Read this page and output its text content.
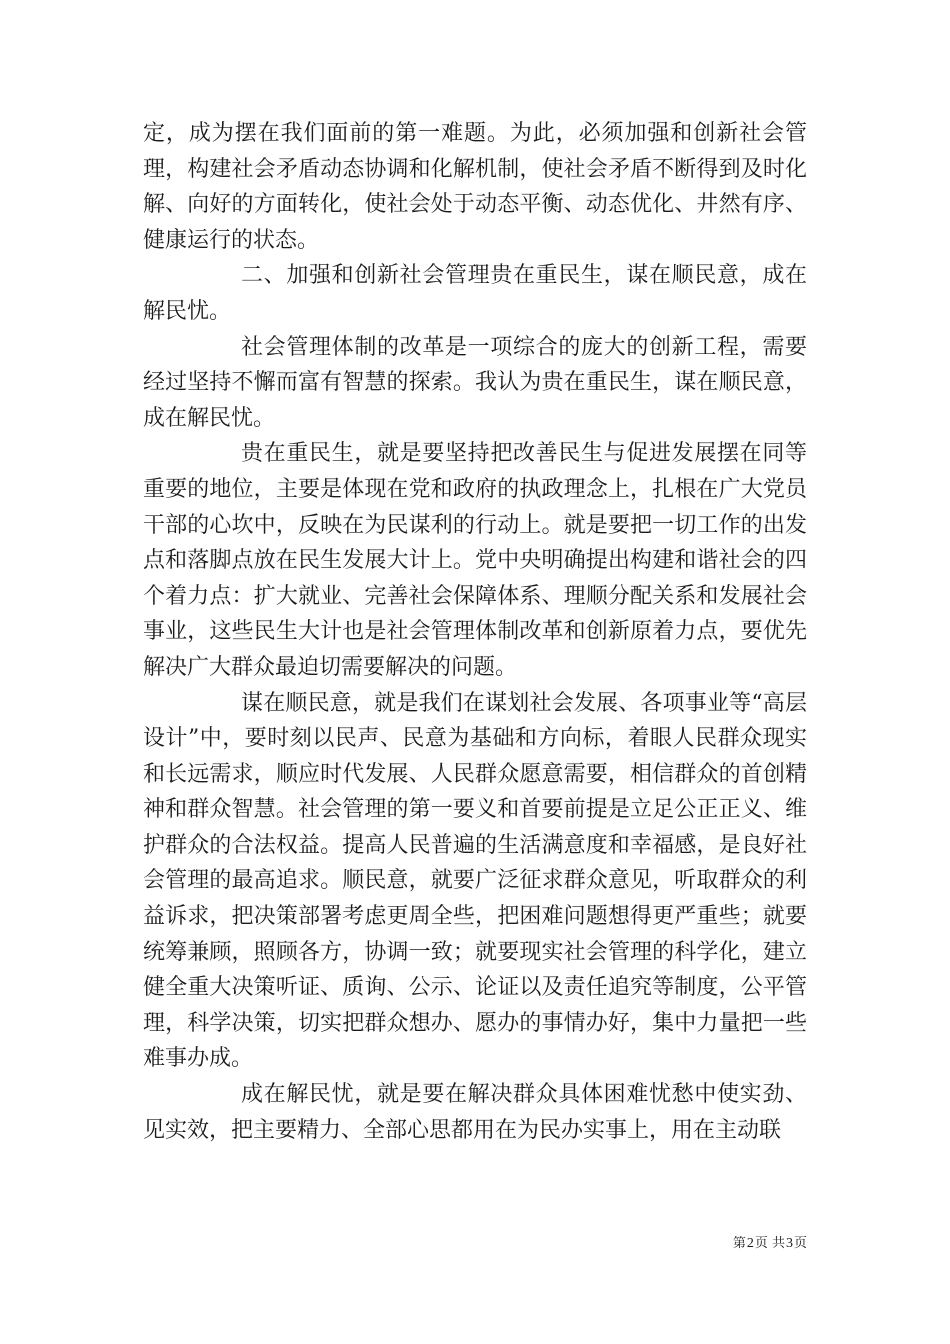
定，成为摆在我们面前的第一难题。为此，必须加强和创新社会管理，构建社会矛盾动态协调和化解机制，使社会矛盾不断得到及时化解、向好的方面转化，使社会处于动态平衡、动态优化、井然有序、健康运行的状态。

二、加强和创新社会管理贵在重民生，谋在顺民意，成在解民忧。

社会管理体制的改革是一项综合的庞大的创新工程，需要经过坚持不懈而富有智慧的探索。我认为贵在重民生，谋在顺民意，成在解民忧。

贵在重民生，就是要坚持把改善民生与促进发展摆在同等重要的地位，主要是体现在党和政府的执政理念上，扎根在广大党员干部的心坎中，反映在为民谋利的行动上。就是要把一切工作的出发点和落脚点放在民生发展大计上。党中央明确提出构建和谐社会的四个着力点：扩大就业、完善社会保障体系、理顺分配关系和发展社会事业，这些民生大计也是社会管理体制改革和创新原着力点，要优先解决广大群众最迫切需要解决的问题。

谋在顺民意，就是我们在谋划社会发展、各项事业等“高层设计”中，要时刻以民声、民意为基础和方向标，着眼人民群众现实和长远需求，顺应时代发展、人民群众愿意需要，相信群众的首创精神和群众智慧。社会管理的第一要义和首要前提是立足公正正义、维护群众的合法权益。提高人民普遍的生活满意度和幸福感，是良好社会管理的最高追求。顺民意，就要广泛征求群众意见，听取群众的利益诉求，把决策部署考虑更周全些，把困难问题想得更严重些；就要统筹兼顾，照顾各方，协调一致；就要现实社会管理的科学化，建立健全重大决策听证、质询、公示、论证以及责任追究等制度，公平管理，科学决策，切实把群众想办、愿办的事情办好，集中力量把一些难事办成。

成在解民忧，就是要在解决群众具体困难忧愁中使实劲、见实效，把主要精力、全部心思都用在为民办实事上，用在主动联

第2页 共3页
